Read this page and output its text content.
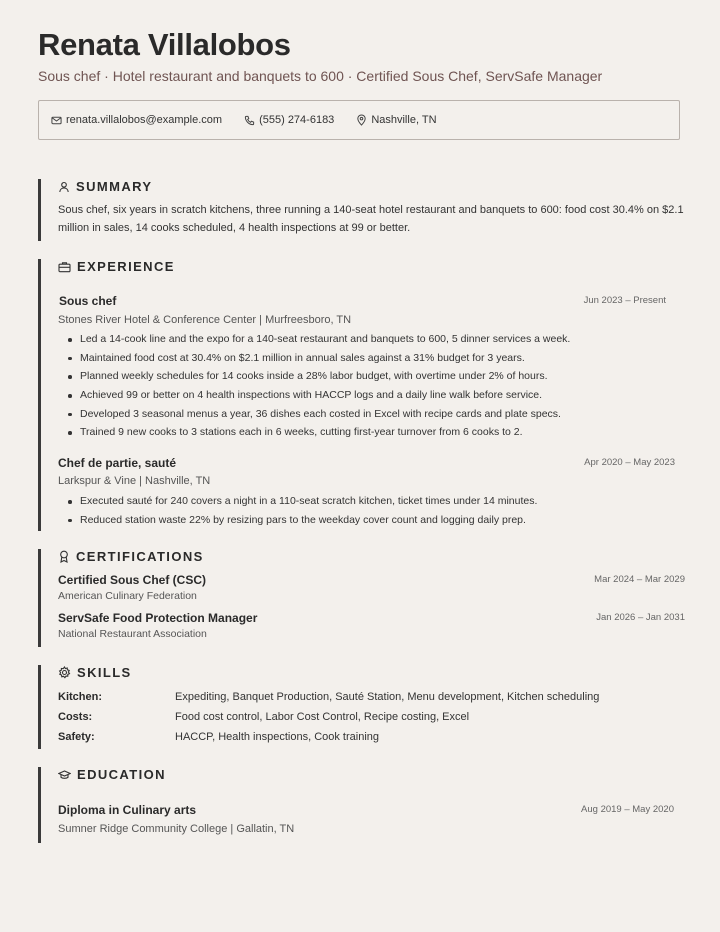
Renata Villalobos

Sous chef · Hotel restaurant and banquets to 600 · Certified Sous Chef, ServSafe Manager

renata.villalobos@example.com	(555) 274-6183	Nashville, TN
SUMMARY
Sous chef, six years in scratch kitchens, three running a 140-seat hotel restaurant and banquets to 600: food cost 30.4% on $2.1 million in sales, 14 cooks scheduled, 4 health inspections at 99 or better.
EXPERIENCE
Sous chef	Jun 2023 – Present
Stones River Hotel & Conference Center | Murfreesboro, TN
Led a 14-cook line and the expo for a 140-seat restaurant and banquets to 600, 5 dinner services a week.
Maintained food cost at 30.4% on $2.1 million in annual sales against a 31% budget for 3 years.
Planned weekly schedules for 14 cooks inside a 28% labor budget, with overtime under 2% of hours.
Achieved 99 or better on 4 health inspections with HACCP logs and a daily line walk before service.
Developed 3 seasonal menus a year, 36 dishes each costed in Excel with recipe cards and plate specs.
Trained 9 new cooks to 3 stations each in 6 weeks, cutting first-year turnover from 6 cooks to 2.
Chef de partie, sauté	Apr 2020 – May 2023
Larkspur & Vine | Nashville, TN
Executed sauté for 240 covers a night in a 110-seat scratch kitchen, ticket times under 14 minutes.
Reduced station waste 22% by resizing pars to the weekday cover count and logging daily prep.
CERTIFICATIONS
Certified Sous Chef (CSC)	Mar 2024 – Mar 2029
American Culinary Federation
ServSafe Food Protection Manager	Jan 2026 – Jan 2031
National Restaurant Association
SKILLS
Kitchen:	Expediting, Banquet Production, Sauté Station, Menu development, Kitchen scheduling
Costs:	Food cost control, Labor Cost Control, Recipe costing, Excel
Safety:	HACCP, Health inspections, Cook training
EDUCATION
Diploma in Culinary arts	Aug 2019 – May 2020
Sumner Ridge Community College | Gallatin, TN
